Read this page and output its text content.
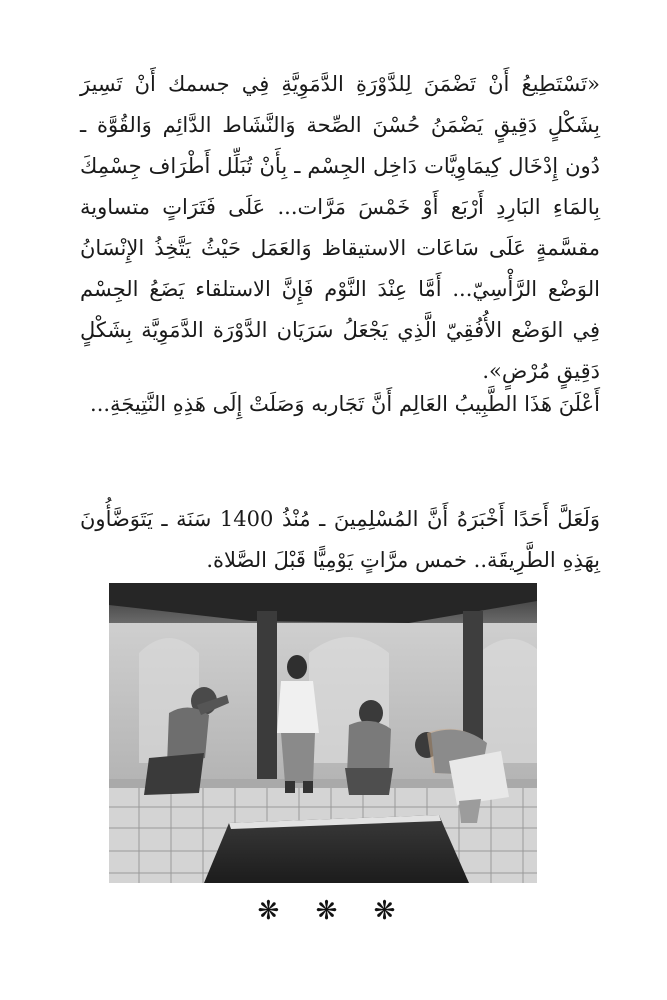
«تَسْتَطِيعُ أَنْ تَضْمَنَ لِلدَّوْرَةِ الدَّمَوِيَّةِ فِي جسمك أَنْ تَسِيرَ بِشَكْلٍ دَقِيقٍ يَضْمَنُ حُسْنَ الصِّحة وَالنَّشَاط الدَّائِم وَالقُوَّة ـ دُون إِدْخَال كِيمَاوِيَّات دَاخِل الجِسْم ـ بِأَنْ تُبَلِّل أَطْرَاف جِسْمِكَ بِالمَاءِ البَارِدِ أَرْبَع أَوْ خَمْسَ مَرَّات... عَلَى فَتَرَاتٍ متساوية مقسَّمةٍ عَلَى سَاعَات الاستيقاظ وَالعَمَل حَيْثُ يَتَّخِذُ الإِنْسَانُ الوَضْع الرَّأْسِيّ... أَمَّا عِنْدَ النَّوْم فَإِنَّ الاستلقاء يَضَعُ الجِسْم فِي الوَضْع الأُفُقِيّ الَّذِي يَجْعَلُ سَرَيَان الدَّوْرَة الدَّمَوِيَّة بِشَكْلٍ دَقِيقٍ مُرْضٍ».

أَعْلَنَ هَذَا الطَّبِيبُ العَالِم أَنَّ تَجَاربه وَصَلَتْ إِلَى هَذِهِ النَّتِيجَةِ...

وَلَعَلَّ أَحَدًا أَخْبَرَهُ أَنَّ المُسْلِمِينَ ـ مُنْذُ 1400 سَنَة ـ يَتَوَضَّأُونَ بِهَذِهِ الطَّرِيقَة.. خمس مرَّاتٍ يَوْمِيًّا قَبْلَ الصَّلاة.

❋ ❋ ❋
